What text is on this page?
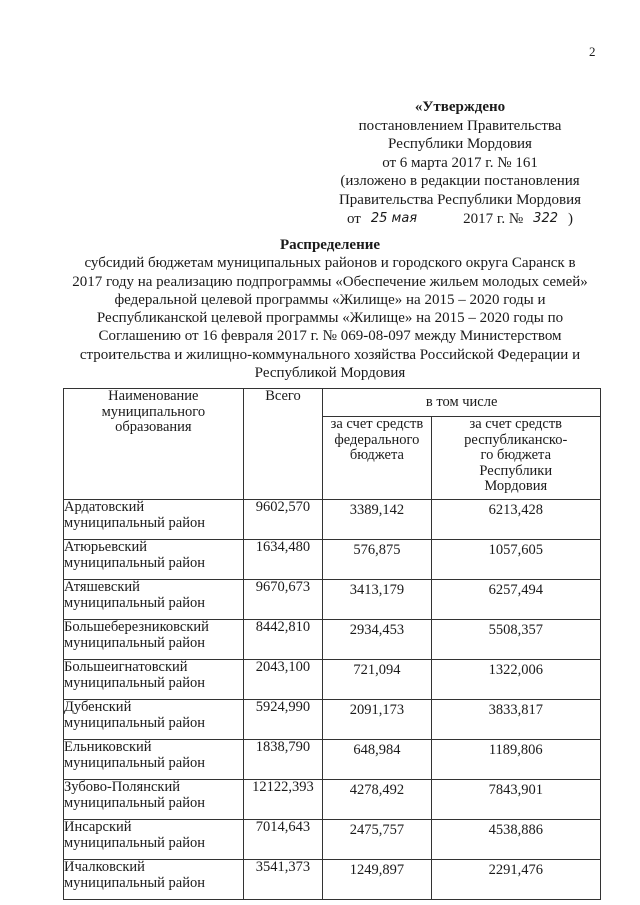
2
«Утверждено
постановлением Правительства
Республики Мордовия
от 6 марта 2017 г. № 161
(изложено в редакции постановления
Правительства Республики Мордовия
от 25 мая	2017 г. № 322 )
Распределение
субсидий бюджетам муниципальных районов и городского округа Саранск в
2017 году на реализацию подпрограммы «Обеспечение жильем молодых семей»
федеральной целевой программы «Жилище» на 2015 – 2020 годы и
Республиканской целевой программы «Жилище» на 2015 – 2020 годы по
Соглашению от 16 февраля 2017 г. № 069-08-097 между Министерством
строительства и жилищно-коммунального хозяйства Российской Федерации и
Республикой Мордовия
Наименование
муниципального
образования	Всего	в том числе	

		за счет средств
федерального
бюджета	за счет средств
республиканско-
го бюджета
Республики
Мордовия

Ардатовский
муниципальный район	9602,570	3389,142	6213,428

Атюрьевский
муниципальный район	1634,480	576,875	1057,605

Атяшевский
муниципальный район	9670,673	3413,179	6257,494

Большеберезниковский
муниципальный район	8442,810	2934,453	5508,357

Большеигнатовский
муниципальный район	2043,100	721,094	1322,006

Дубенский
муниципальный район	5924,990	2091,173	3833,817

Ельниковский
муниципальный район	1838,790	648,984	1189,806

Зубово-Полянский
муниципальный район	12122,393	4278,492	7843,901

Инсарский
муниципальный район	7014,643	2475,757	4538,886

Ичалковский
муниципальный район	3541,373	1249,897	2291,476
